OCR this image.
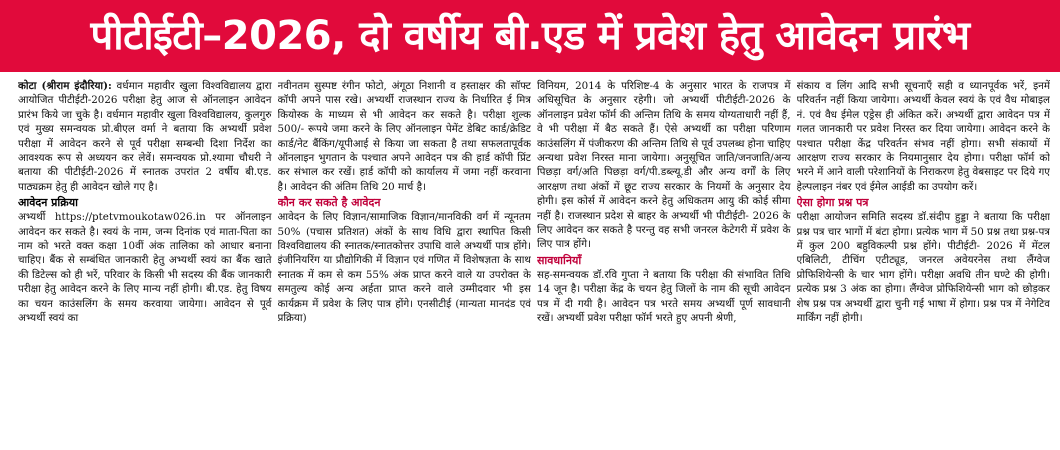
पीटीईटी–2026, दो वर्षीय बी.एड में प्रवेश हेतु आवेदन प्रारंभ

कोटा (श्रीराम इंदौरिया): वर्धमान महावीर खुला विश्वविद्यालय द्वारा आयोजित पीटीईटी-2026 परीक्षा हेतु आज से ऑनलाइन आवेदन प्रारंभ किये जा चुके है। वर्धमान महावीर खुला विश्वविद्यालय, कुलगुरु एवं मुख्य समन्वयक प्रो.बीएल वर्मा ने बताया कि अभ्यर्थी प्रवेश परीक्षा में आवेदन करने से पूर्व परीक्षा सम्बन्धी दिशा निर्देश का आवश्यक रूप से अध्ययन कर लेवें। समन्वयक प्रो.श्यामा चौधरी ने बताया की पीटीईटी-2026 में स्नातक उपरांत 2 वर्षीय बी.एड. पाठ्यक्रम हेतु ही आवेदन खोले गए है।

आवेदन प्रक्रिया

अभ्यर्थी https://ptetvmoukotaw026.in पर ऑनलाइन आवेदन कर सकते है। स्वयं के नाम, जन्म दिनांक एवं माता-पिता का नाम को भरते वक्त कक्षा 10वीं अंक तालिका को आधार बनाना चाहिए। बैंक से सम्बंधित जानकारी हेतु अभ्यर्थी स्वयं का बैंक खाते की डिटेल्स को ही भरें, परिवार के किसी भी सदस्य की बैंक जानकारी परीक्षा हेतु आवेदन करने के लिए मान्य नहीं होगी। बी.एड. हेतु विषय का चयन काउंसलिंग के समय करवाया जायेगा। आवेदन से पूर्व अभ्यर्थी स्वयं का

नवीनतम सुस्पष्ट रंगीन फोटो, अंगूठा निशानी व हस्ताक्षर की सॉफ्ट कॉपी अपने पास रखे। अभ्यर्थी राजस्थान राज्य के निर्धारित ई मित्र कियोस्क के माध्यम से भी आवेदन कर सकते है। परीक्षा शुल्क 500/- रूपये जमा करने के लिए ऑनलाइन पेमेंट डेबिट कार्ड/क्रेडिट कार्ड/नेट बैंकिंग/यूपीआई से किया जा सकता है तथा सफलतापूर्वक ऑनलाइन भुगतान के पश्चात अपने आवेदन पत्र की हार्ड कॉपी प्रिंट कर संभाल कर रखें। हार्ड कॉपी को कार्यालय में जमा नहीं करवाना है। आवेदन की अंतिम तिथि 20 मार्च है।

कौन कर सकते है आवेदन

आवेदन के लिए विज्ञान/सामाजिक विज्ञान/मानविकी वर्ग में न्यूनतम 50% (पचास प्रतिशत) अंकों के साथ विधि द्वारा स्थापित किसी विश्वविद्यालय की स्नातक/स्नातकोत्तर उपाधि वाले अभ्यर्थी पात्र होंगे। इंजीनियरिंग या प्रौद्योगिकी में विज्ञान एवं गणित में विशेषज्ञता के साथ स्नातक में कम से कम 55% अंक प्राप्त करने वाले या उपरोक्त के समतुल्य कोई अन्य अर्हता प्राप्त करने वाले उम्मीदवार भी इस कार्यक्रम में प्रवेश के लिए पात्र होंगे। एनसीटीई (मान्यता मानदंड एवं प्रक्रिया)

विनियम, 2014 के परिशिष्ट-4 के अनुसार भारत के राजपत्र में अधिसूचित के अनुसार रहेगी। जो अभ्यर्थी पीटीईटी-2026 के ऑनलाइन प्रवेश फॉर्म की अन्तिम तिथि के समय योग्यताधारी नहीं हैं, वे भी परीक्षा में बैठ सकते हैं। ऐसे अभ्यर्थी का परीक्षा परिणाम काउंसलिंग में पंजीकरण की अन्तिम तिथि से पूर्व उपलब्ध होना चाहिए अन्यथा प्रवेश निरस्त माना जायेगा। अनुसूचित जाति/जनजाति/अन्य पिछड़ा वर्ग/अति पिछड़ा वर्ग/पी.डब्ल्यू.डी और अन्य वर्गों के लिए आरक्षण तथा अंकों में छूट राज्य सरकार के नियमों के अनुसार देय होगी। इस कोर्स में आवेदन करने हेतु अधिकतम आयु की कोई सीमा नहीं है। राजस्थान प्रदेश से बाहर के अभ्यर्थी भी पीटीईटी- 2026 के लिए आवेदन कर सकते है परन्तु वह सभी जनरल केटेगरी में प्रवेश के लिए पात्र होंगे।

सावधानियाँ

सह-समन्वयक डॉ.रवि गुप्ता ने बताया कि परीक्षा की संभावित तिथि 14 जून है। परीक्षा केंद्र के चयन हेतु जिलों के नाम की सूची आवेदन पत्र में दी गयी है। आवेदन पत्र भरते समय अभ्यर्थी पूर्ण सावधानी रखें। अभ्यर्थी प्रवेश परीक्षा फॉर्म भरते हुए अपनी श्रेणी,

संकाय व लिंग आदि सभी सूचनाएँ सही व ध्यानपूर्वक भरें, इनमें परिवर्तन नहीं किया जायेगा। अभ्यर्थी केवल स्वयं के एवं वैध मोबाइल नं. एवं वैध ईमेल एड्रेस ही अंकित करें। अभ्यर्थी द्वारा आवेदन पत्र में गलत जानकारी पर प्रवेश निरस्त कर दिया जायेगा। आवेदन करने के पश्चात परीक्षा केंद्र परिवर्तन संभव नहीं होगा। सभी संकायों में आरक्षण राज्य सरकार के नियमानुसार देय होगा। परीक्षा फॉर्म को भरने में आने वाली परेशानियों के निराकरण हेतु वेबसाइट पर दिये गए हेल्पलाइन नंबर एवं ईमेल आईडी का उपयोग करें।

ऐसा होगा प्रश्न पत्र

परीक्षा आयोजन समिति सदस्य डॉ.संदीप हुड्डा ने बताया कि परीक्षा प्रश्न पत्र चार भागों में बंटा होगा। प्रत्येक भाग में 50 प्रश्न तथा प्रश्न-पत्र में कुल 200 बहुविकल्पी प्रश्न होंगे। पीटीईटी- 2026 में मेंटल एबिलिटी, टीचिंग एटीट्यूड, जनरल अवेयरनेस तथा लैंग्वेज प्रोफिशियेन्सी के चार भाग होंगे। परीक्षा अवधि तीन घण्टे की होगी। प्रत्येक प्रश्न 3 अंक का होगा। लैंग्वेज प्रोफिशियेन्सी भाग को छोड़कर शेष प्रश्न पत्र अभ्यर्थी द्वारा चुनी गई भाषा में होगा। प्रश्न पत्र में नेगेटिव मार्किंग नहीं होगी।
